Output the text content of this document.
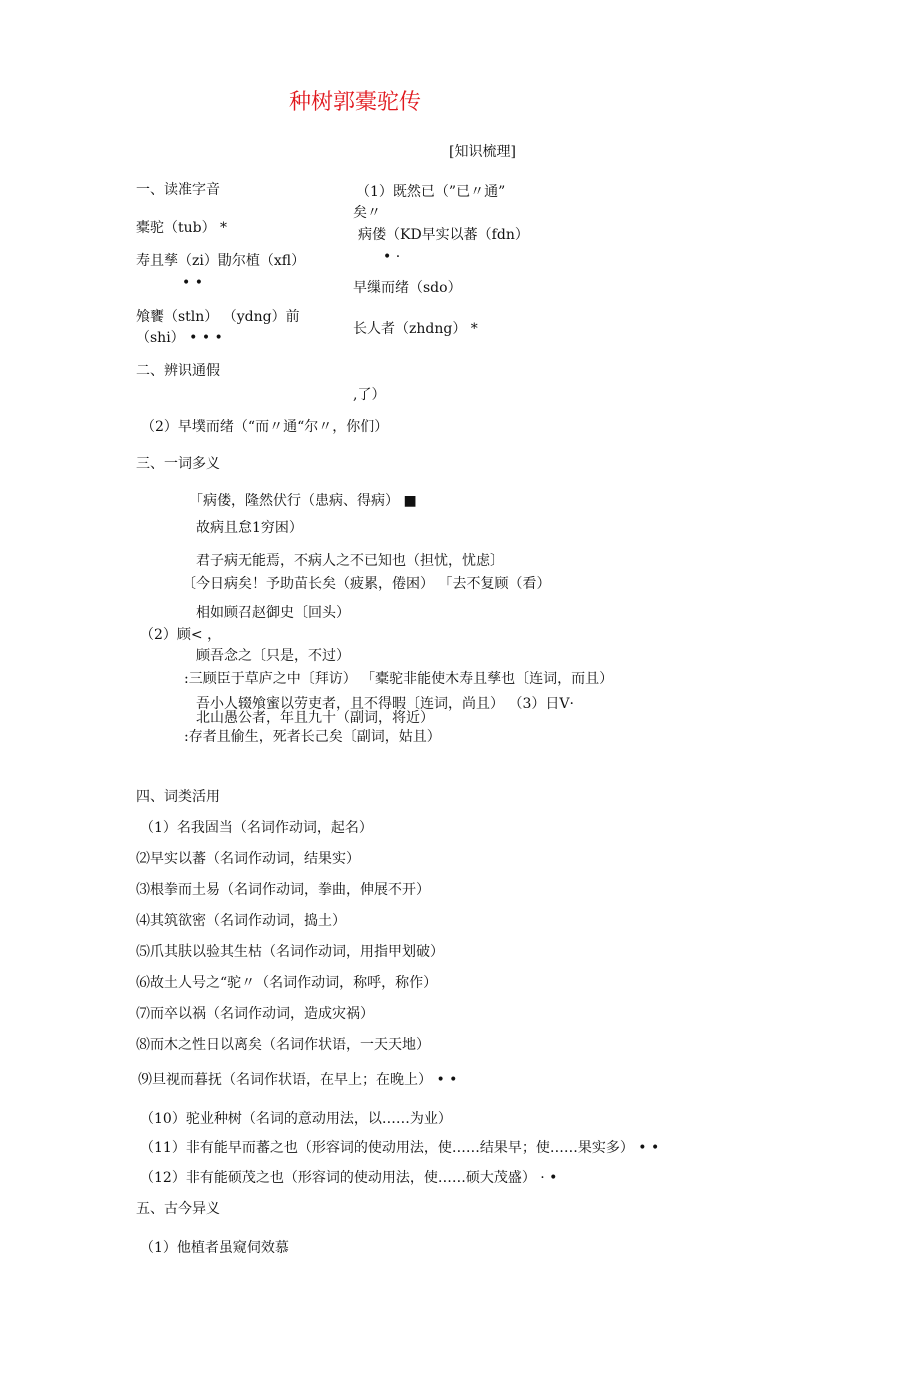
种树郭橐驼传
[知识梳理]
一、读准字音
橐驼（tub） *
寿且孳（zi）勖尔植（xfl）
• •
飧饔（stln） （ydng）前
（shi） • • •
（1）既然已（”已〃通”
矣〃
病偻（KD早实以蕃（fdn）
• ·
早缫而绪（sdo）
长人者（zhdng） *
二、辨识通假
,了）
（2）早墣而绪（“而〃通“尔〃，你们）
三、一词多义
「病偻，隆然伏行（患病、得病） ■
故病且怠1穷困）
君子病无能焉，不病人之不已知也（担忧，忧虑〕
〔今日病矣！予助苗长矣（疲累，倦困） 「去不复顾（看）
相如顾召赵御史〔回头）
（2）顾< ，
顾吾念之〔只是，不过）
:三顾臣于草庐之中〔拜访） 「橐驼非能使木寿且孳也〔连词，而且）
吾小人辍飧蜜以劳吏者，且不得暇〔连词，尚且） （3）日V·
北山愚公者，年且九十（副词，将近）
:存者且偷生，死者长己矣〔副词，姑且）
四、词类活用
（1）名我固当（名词作动词，起名）
⑵早实以蕃（名词作动词，结果实）
⑶根拳而土易（名词作动词，拳曲，伸展不开）
⑷其筑欲密（名词作动词，捣土）
⑸爪其肤以验其生枯（名词作动词，用指甲划破）
⑹故土人号之“驼〃（名词作动词，称呼，称作）
⑺而卒以祸（名词作动词，造成灾祸）
⑻而木之性日以离矣（名词作状语，一天天地）
⑼旦视而暮抚（名词作状语，在早上；在晚上） • •
（10）驼业种树（名词的意动用法，以……为业）
（11）非有能早而蕃之也（形容词的使动用法，使……结果早；使……果实多） • •
（12）非有能硕茂之也（形容词的使动用法，使……硕大茂盛） · •
五、古今异义
（1）他植者虽窥伺效慕
